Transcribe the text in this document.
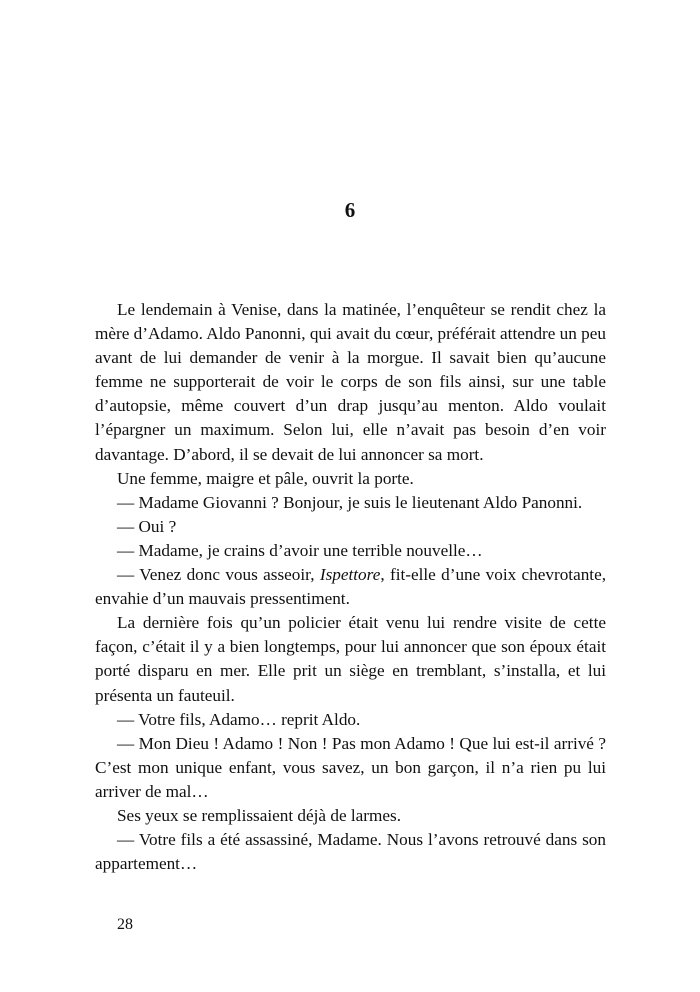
6

Le lendemain à Venise, dans la matinée, l’enquêteur se rendit chez la mère d’Adamo. Aldo Panonni, qui avait du cœur, préférait attendre un peu avant de lui demander de venir à la morgue. Il savait bien qu’aucune femme ne supporterait de voir le corps de son fils ainsi, sur une table d’autopsie, même couvert d’un drap jusqu’au menton. Aldo voulait l’épargner un maximum. Selon lui, elle n’avait pas besoin d’en voir davantage. D’abord, il se devait de lui annoncer sa mort.

Une femme, maigre et pâle, ouvrit la porte.

— Madame Giovanni ? Bonjour, je suis le lieutenant Aldo Panonni.

— Oui ?

— Madame, je crains d’avoir une terrible nouvelle…

— Venez donc vous asseoir, Ispettore, fit-elle d’une voix chevrotante, envahie d’un mauvais pressentiment.

La dernière fois qu’un policier était venu lui rendre visite de cette façon, c’était il y a bien longtemps, pour lui annoncer que son époux était porté disparu en mer. Elle prit un siège en tremblant, s’installa, et lui présenta un fauteuil.

— Votre fils, Adamo… reprit Aldo.

— Mon Dieu ! Adamo ! Non ! Pas mon Adamo ! Que lui est-il arrivé ? C’est mon unique enfant, vous savez, un bon garçon, il n’a rien pu lui arriver de mal…

Ses yeux se remplissaient déjà de larmes.

— Votre fils a été assassiné, Madame. Nous l’avons retrouvé dans son appartement…

28
